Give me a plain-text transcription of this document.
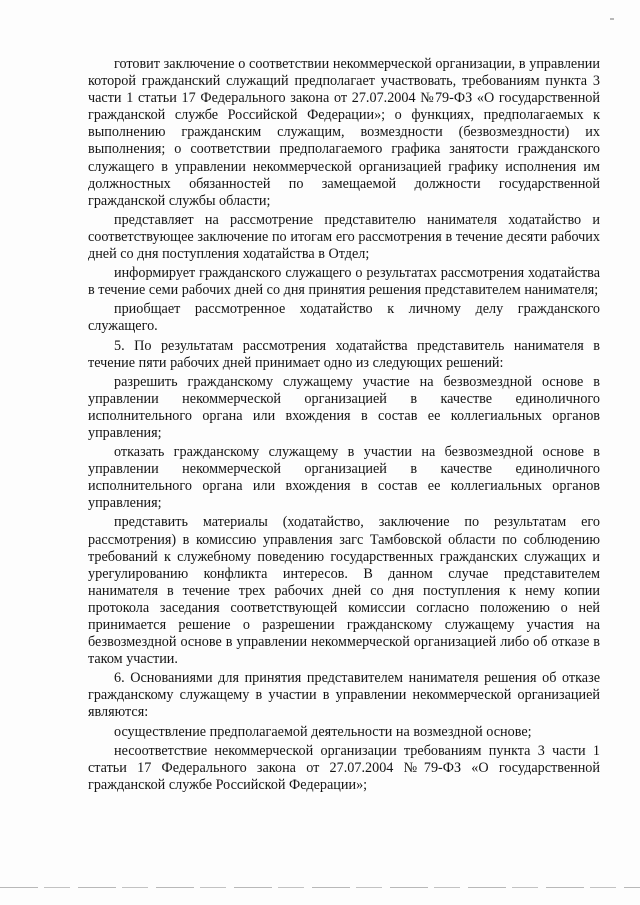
готовит заключение о соответствии некоммерческой организации, в управлении которой гражданский служащий предполагает участвовать, требованиям пункта 3 части 1 статьи 17 Федерального закона от 27.07.2004 №79-ФЗ «О государственной гражданской службе Российской Федерации»; о функциях, предполагаемых к выполнению гражданским служащим, возмездности (безвозмездности) их выполнения; о соответствии предполагаемого графика занятости гражданского служащего в управлении некоммерческой организацией графику исполнения им должностных обязанностей по замещаемой должности государственной гражданской службы области;

представляет на рассмотрение представителю нанимателя ходатайство и соответствующее заключение по итогам его рассмотрения в течение десяти рабочих дней со дня поступления ходатайства в Отдел;

информирует гражданского служащего о результатах рассмотрения ходатайства в течение семи рабочих дней со дня принятия решения представителем нанимателя;

приобщает рассмотренное ходатайство к личному делу гражданского служащего.

5. По результатам рассмотрения ходатайства представитель нанимателя в течение пяти рабочих дней принимает одно из следующих решений:

разрешить гражданскому служащему участие на безвозмездной основе в управлении некоммерческой организацией в качестве единоличного исполнительного органа или вхождения в состав ее коллегиальных органов управления;

отказать гражданскому служащему в участии на безвозмездной основе в управлении некоммерческой организацией в качестве единоличного исполнительного органа или вхождения в состав ее коллегиальных органов управления;

представить материалы (ходатайство, заключение по результатам его рассмотрения) в комиссию управления загс Тамбовской области по соблюдению требований к служебному поведению государственных гражданских служащих и урегулированию конфликта интересов. В данном случае представителем нанимателя в течение трех рабочих дней со дня поступления к нему копии протокола заседания соответствующей комиссии согласно положению о ней принимается решение о разрешении гражданскому служащему участия на безвозмездной основе в управлении некоммерческой организацией либо об отказе в таком участии.

6. Основаниями для принятия представителем нанимателя решения об отказе гражданскому служащему в участии в управлении некоммерческой организацией являются:

осуществление предполагаемой деятельности на возмездной основе;

несоответствие некоммерческой организации требованиям пункта 3 части 1 статьи 17 Федерального закона от 27.07.2004 №79-ФЗ «О государственной гражданской службе Российской Федерации»;
